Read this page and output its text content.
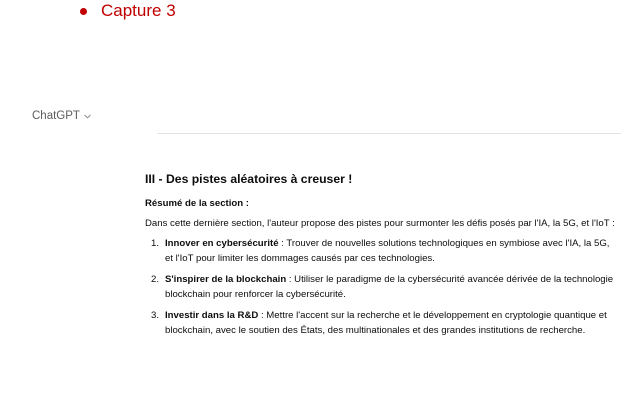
Capture 3
ChatGPT
III - Des pistes aléatoires à creuser !

Résumé de la section :

Dans cette dernière section, l'auteur propose des pistes pour surmonter les défis posés par l'IA, la 5G, et l'IoT :

1. Innover en cybersécurité : Trouver de nouvelles solutions technologiques en symbiose avec l'IA, la 5G, et l'IoT pour limiter les dommages causés par ces technologies.
2. S'inspirer de la blockchain : Utiliser le paradigme de la cybersécurité avancée dérivée de la technologie blockchain pour renforcer la cybersécurité.
3. Investir dans la R&D : Mettre l'accent sur la recherche et le développement en cryptologie quantique et blockchain, avec le soutien des États, des multinationales et des grandes institutions de recherche.
